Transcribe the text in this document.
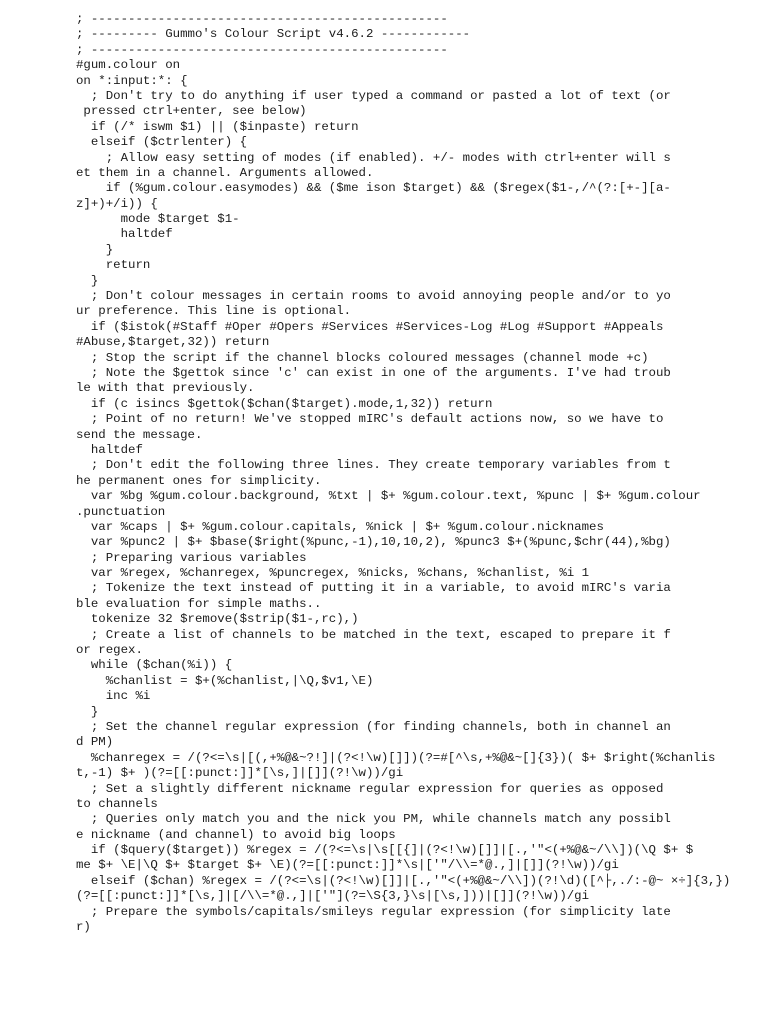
; ------------------------------------------------
; --------- Gummo's Colour Script v4.6.2 ------------
; ------------------------------------------------
#gum.colour on
on *:input:*: {
; Don't try to do anything if user typed a command or pasted a lot of text (or
pressed ctrl+enter, see below)
if (/* iswm $1) || ($inpaste) return
elseif ($ctrlenter) {
; Allow easy setting of modes (if enabled). +/- modes with ctrl+enter will s
et them in a channel. Arguments allowed.
if (%gum.colour.easymodes) && ($me ison $target) && ($regex($1-,/^(?:[+-][a-
z]+)+/i)) {
mode $target $1-
haltdef
}
return
}
; Don't colour messages in certain rooms to avoid annoying people and/or to yo
ur preference. This line is optional.
if ($istok(#Staff #Oper #Opers #Services #Services-Log #Log #Support #Appeals
#Abuse,$target,32)) return
; Stop the script if the channel blocks coloured messages (channel mode +c)
; Note the $gettok since 'c' can exist in one of the arguments. I've had troub
le with that previously.
if (c isincs $gettok($chan($target).mode,1,32)) return
; Point of no return! We've stopped mIRC's default actions now, so we have to
send the message.
haltdef
; Don't edit the following three lines. They create temporary variables from t
he permanent ones for simplicity.
var %bg %gum.colour.background, %txt | $+ %gum.colour.text, %punc | $+ %gum.colour
.punctuation
var %caps | $+ %gum.colour.capitals, %nick | $+ %gum.colour.nicknames
var %punc2 | $+ $base($right(%punc,-1),10,10,2), %punc3 $+(%punc,$chr(44),%bg)
; Preparing various variables
var %regex, %chanregex, %puncregex, %nicks, %chans, %chanlist, %i 1
; Tokenize the text instead of putting it in a variable, to avoid mIRC's varia
ble evaluation for simple maths..
tokenize 32 $remove($strip($1-,rc),)
; Create a list of channels to be matched in the text, escaped to prepare it f
or regex.
while ($chan(%i)) {
%chanlist = $+(%chanlist,|\Q,$v1,\E)
inc %i
}
; Set the channel regular expression (for finding channels, both in channel an
d PM)
%chanregex = /(?<=\s|[(,+%@&~?!]|(?<!\w)[]])(?=#[^\s,+%@&~[]{3})( $+ $right(%chanlis
t,-1) $+ )(?=[[:punct:]]*[\s,]|[]](?!\w))/gi
; Set a slightly different nickname regular expression for queries as opposed
to channels
; Queries only match you and the nick you PM, while channels match any possibl
e nickname (and channel) to avoid big loops
if ($query($target)) %regex = /(?<=\s|\s[[{]|(?<!\w)[]]|[.,'"<(+%@&~/\\])(\Q $+ $
me $+ \E|\Q $+ $target $+ \E)(?=[[:punct:]]*\s|['"/\\=*@.,]|[]](?!\w))/gi
elseif ($chan) %regex = /(?<=\s|(?<!\w)[]]|[.,'"<(+%@&~/\\])(?!\d)([^├,./:-@~ ×÷]{3,})
(?=[[:punct:]]*[\s,]|[/\\=*@.,]|['"](?=\S{3,}\s|[\s,]))|[]](?!\w))/gi
; Prepare the symbols/capitals/smileys regular expression (for simplicity late
r)
